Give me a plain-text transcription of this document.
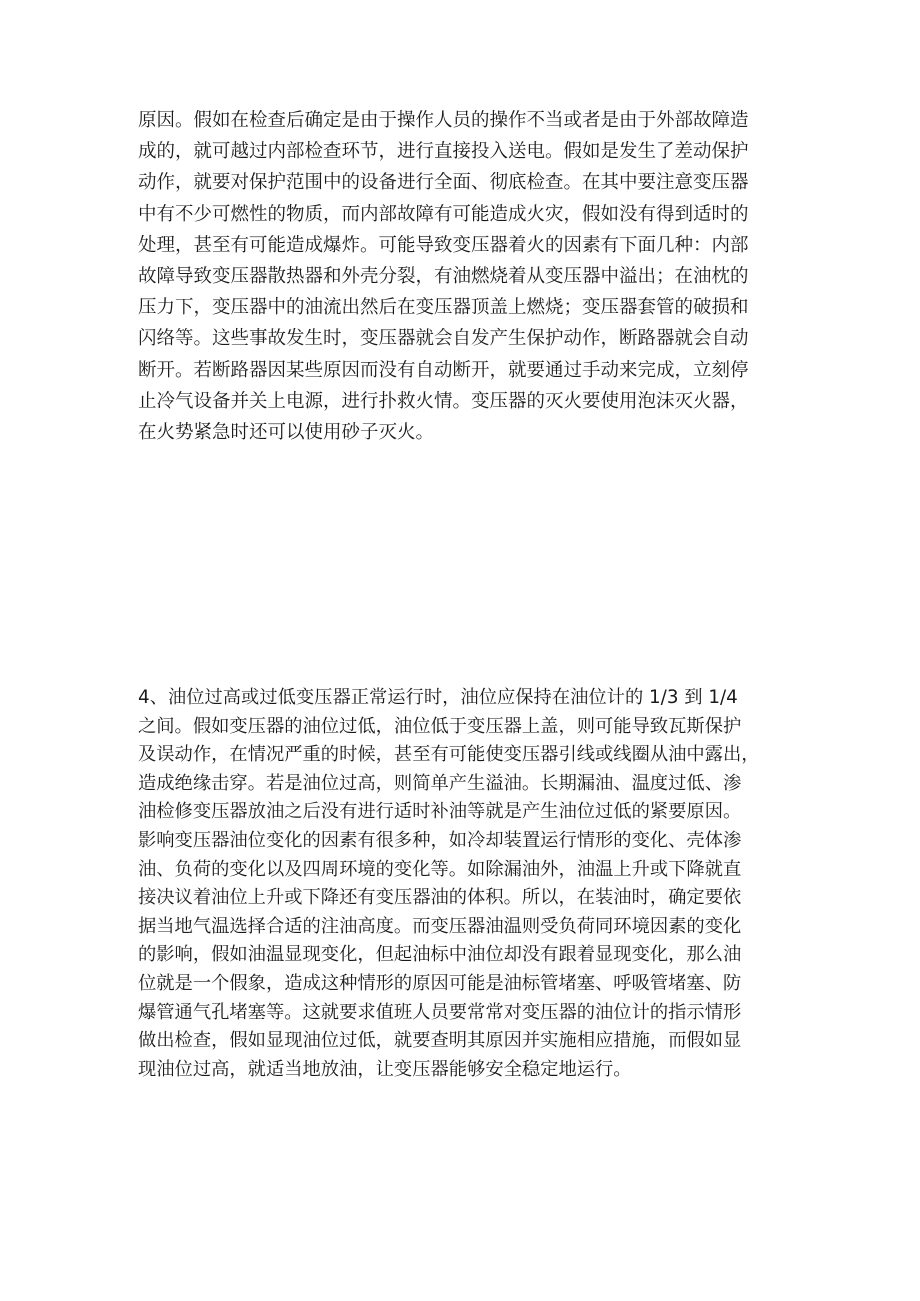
原因。假如在检查后确定是由于操作人员的操作不当或者是由于外部故障造
成的，就可越过内部检查环节，进行直接投入送电。假如是发生了差动保护
动作，就要对保护范围中的设备进行全面、彻底检查。在其中要注意变压器
中有不少可燃性的物质，而内部故障有可能造成火灾，假如没有得到适时的
处理，甚至有可能造成爆炸。可能导致变压器着火的因素有下面几种：内部
故障导致变压器散热器和外壳分裂，有油燃烧着从变压器中溢出；在油枕的
压力下，变压器中的油流出然后在变压器顶盖上燃烧；变压器套管的破损和
闪络等。这些事故发生时，变压器就会自发产生保护动作，断路器就会自动
断开。若断路器因某些原因而没有自动断开，就要通过手动来完成，立刻停
止冷气设备并关上电源，进行扑救火情。变压器的灭火要使用泡沫灭火器，
在火势紧急时还可以使用砂子灭火。
4、油位过高或过低变压器正常运行时，油位应保持在油位计的 1/3 到 1/4
之间。假如变压器的油位过低，油位低于变压器上盖，则可能导致瓦斯保护
及误动作，在情况严重的时候，甚至有可能使变压器引线或线圈从油中露出，
造成绝缘击穿。若是油位过高，则简单产生溢油。长期漏油、温度过低、渗
油检修变压器放油之后没有进行适时补油等就是产生油位过低的紧要原因。
影响变压器油位变化的因素有很多种，如冷却装置运行情形的变化、壳体渗
油、负荷的变化以及四周环境的变化等。如除漏油外，油温上升或下降就直
接决议着油位上升或下降还有变压器油的体积。所以，在装油时，确定要依
据当地气温选择合适的注油高度。而变压器油温则受负荷同环境因素的变化
的影响，假如油温显现变化，但起油标中油位却没有跟着显现变化，那么油
位就是一个假象，造成这种情形的原因可能是油标管堵塞、呼吸管堵塞、防
爆管通气孔堵塞等。这就要求值班人员要常常对变压器的油位计的指示情形
做出检查，假如显现油位过低，就要查明其原因并实施相应措施，而假如显
现油位过高，就适当地放油，让变压器能够安全稳定地运行。
